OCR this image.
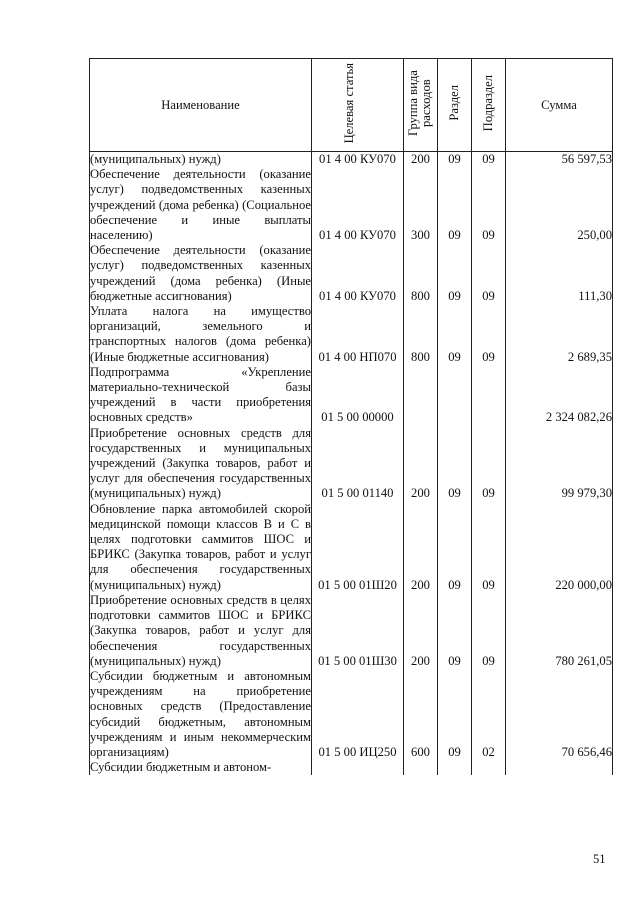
Наименование	Целевая статья	Группа вида расходов	Раздел	Подраздел	Сумма
(муниципальных) нужд)	01 4 00 КУ070	200	09	09	56 597,53
Обеспечение деятельности (оказание услуг) подведомственных казенных учреждений (дома ребенка) (Социальное обеспечение и иные выплаты населению)	01 4 00 КУ070	300	09	09	250,00
Обеспечение деятельности (оказание услуг) подведомственных казенных учреждений (дома ребенка) (Иные бюджетные ассигнования)	01 4 00 КУ070	800	09	09	111,30
Уплата налога на имущество организаций, земельного и транспортных налогов (дома ребенка) (Иные бюджетные ассигнования)	01 4 00 НП070	800	09	09	2 689,35
Подпрограмма «Укрепление материально-технической базы учреждений в части приобретения основных средств»	01 5 00 00000				2 324 082,26
Приобретение основных средств для государственных и муниципальных учреждений (Закупка товаров, работ и услуг для обеспечения государственных (муниципальных) нужд)	01 5 00 01140	200	09	09	99 979,30
Обновление парка автомобилей скорой медицинской помощи классов В и С в целях подготовки саммитов ШОС и БРИКС (Закупка товаров, работ и услуг для обеспечения государственных (муниципальных) нужд)	01 5 00 01Ш20	200	09	09	220 000,00
Приобретение основных средств в целях подготовки саммитов ШОС и БРИКС (Закупка товаров, работ и услуг для обеспечения государственных (муниципальных) нужд)	01 5 00 01Ш30	200	09	09	780 261,05
Субсидии бюджетным и автономным учреждениям на приобретение основных средств (Предоставление субсидий бюджетным, автономным учреждениям и иным некоммерческим организациям)	01 5 00 ИЦ250	600	09	02	70 656,46
Субсидии бюджетным и автоном-					
51
